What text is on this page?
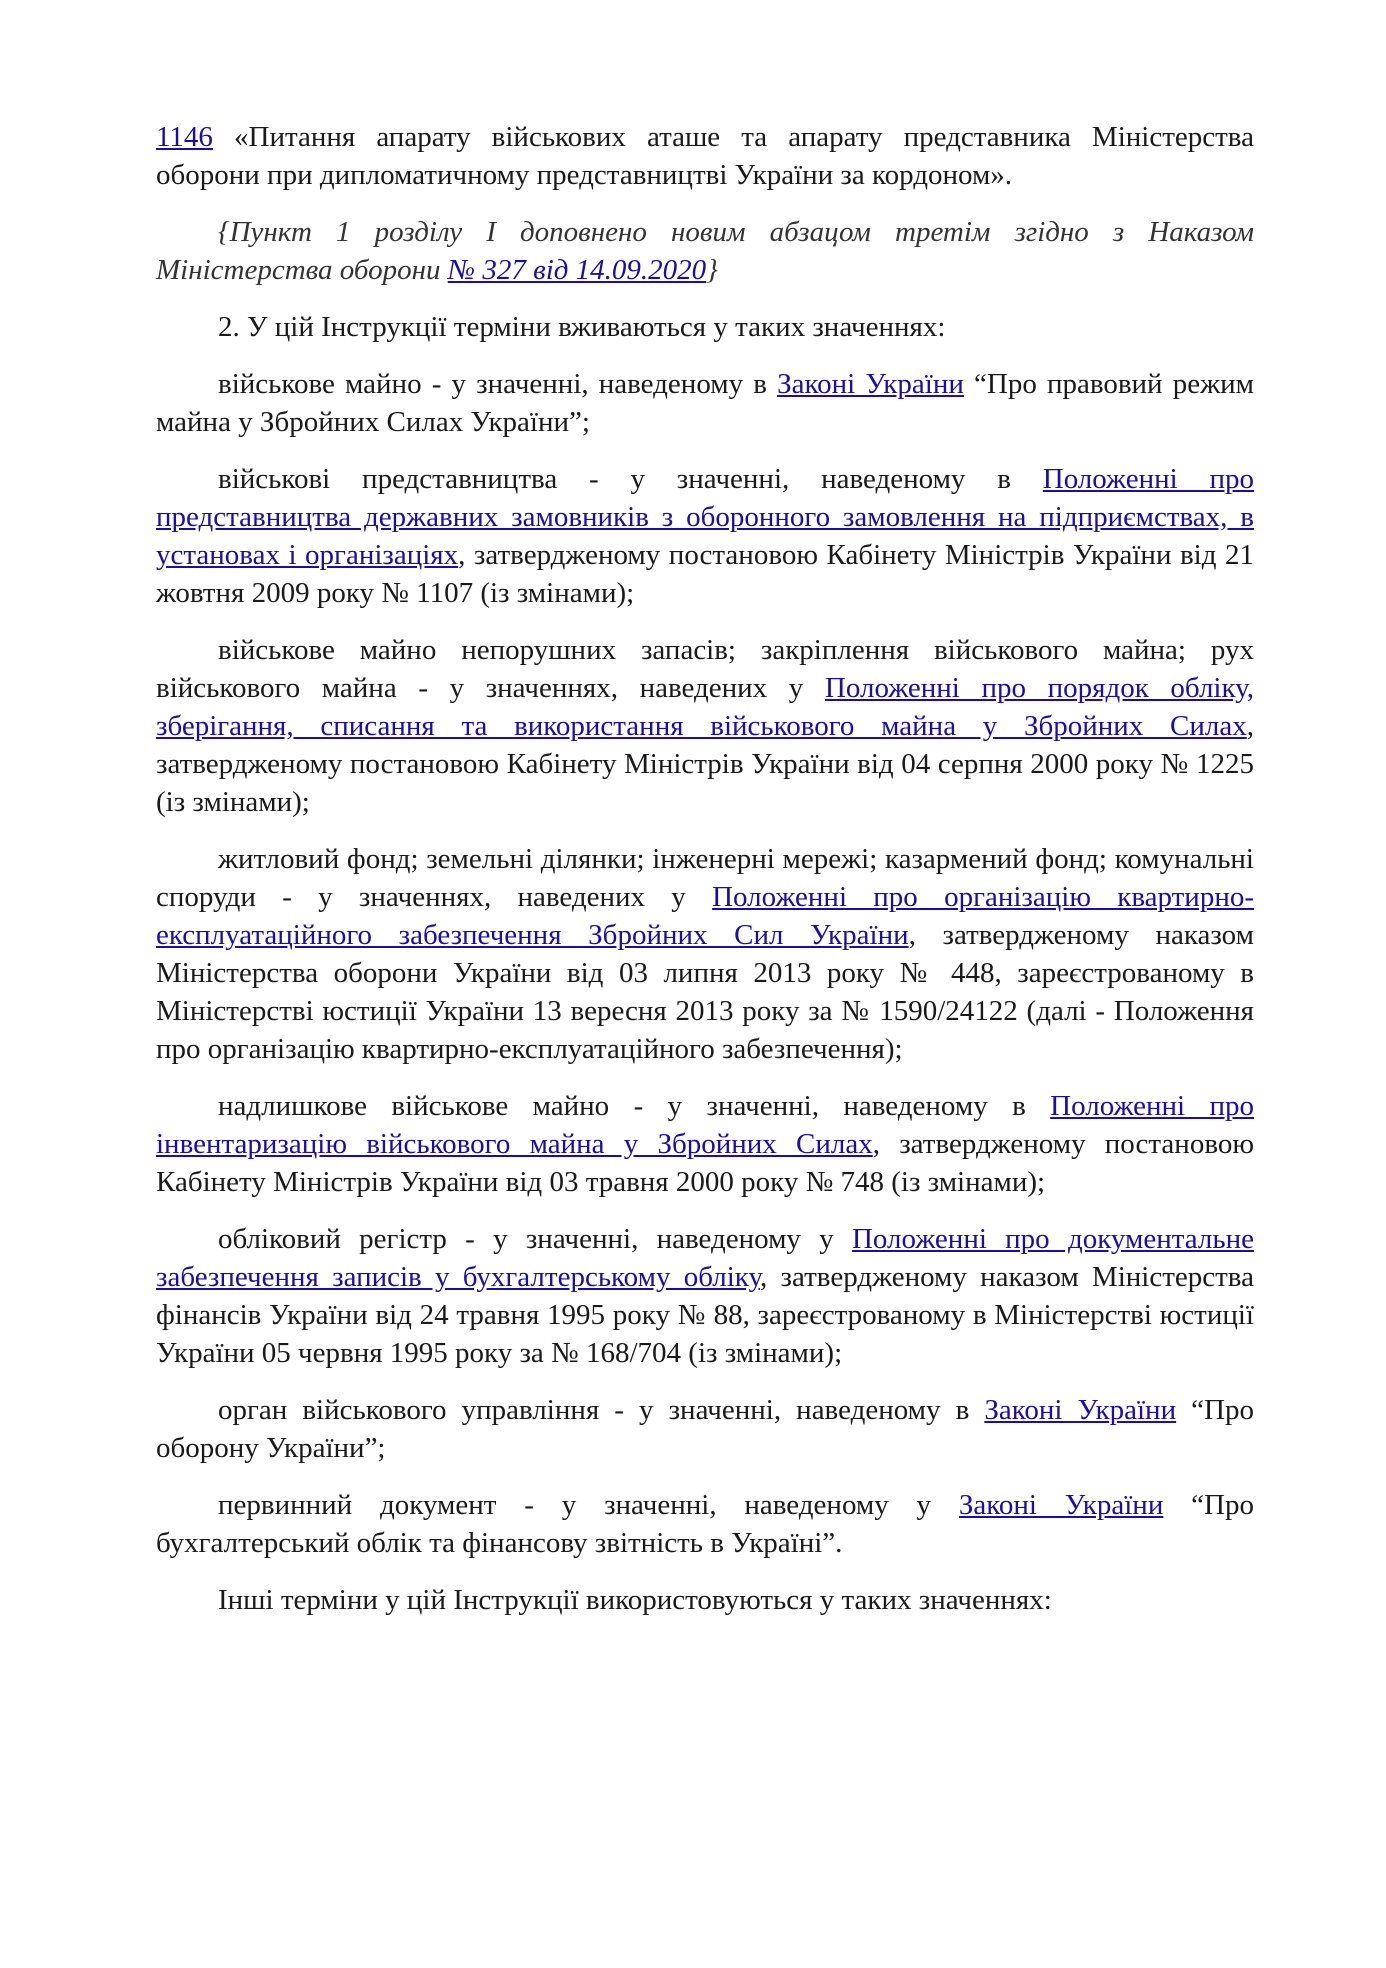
1146 «Питання апарату військових аташе та апарату представника Міністерства оборони при дипломатичному представництві України за кордоном».

{Пункт 1 розділу I доповнено новим абзацом третім згідно з Наказом Міністерства оборони № 327 від 14.09.2020}

2. У цій Інструкції терміни вживаються у таких значеннях:

військове майно - у значенні, наведеному в Законі України “Про правовий режим майна у Збройних Силах України”;

військові представництва - у значенні, наведеному в Положенні про представництва державних замовників з оборонного замовлення на підприємствах, в установах і організаціях, затвердженому постановою Кабінету Міністрів України від 21 жовтня 2009 року № 1107 (із змінами);

військове майно непорушних запасів; закріплення військового майна; рух військового майна - у значеннях, наведених у Положенні про порядок обліку, зберігання, списання та використання військового майна у Збройних Силах, затвердженому постановою Кабінету Міністрів України від 04 серпня 2000 року № 1225 (із змінами);

житловий фонд; земельні ділянки; інженерні мережі; казармений фонд; комунальні споруди - у значеннях, наведених у Положенні про організацію квартирно-експлуатаційного забезпечення Збройних Сил України, затвердженому наказом Міністерства оборони України від 03 липня 2013 року № 448, зареєстрованому в Міністерстві юстиції України 13 вересня 2013 року за № 1590/24122 (далі - Положення про організацію квартирно-експлуатаційного забезпечення);

надлишкове військове майно - у значенні, наведеному в Положенні про інвентаризацію військового майна у Збройних Силах, затвердженому постановою Кабінету Міністрів України від 03 травня 2000 року № 748 (із змінами);

обліковий регістр - у значенні, наведеному у Положенні про документальне забезпечення записів у бухгалтерському обліку, затвердженому наказом Міністерства фінансів України від 24 травня 1995 року № 88, зареєстрованому в Міністерстві юстиції України 05 червня 1995 року за № 168/704 (із змінами);

орган військового управління - у значенні, наведеному в Законі України “Про оборону України”;

первинний документ - у значенні, наведеному у Законі України “Про бухгалтерський облік та фінансову звітність в Україні”.

Інші терміни у цій Інструкції використовуються у таких значеннях:
